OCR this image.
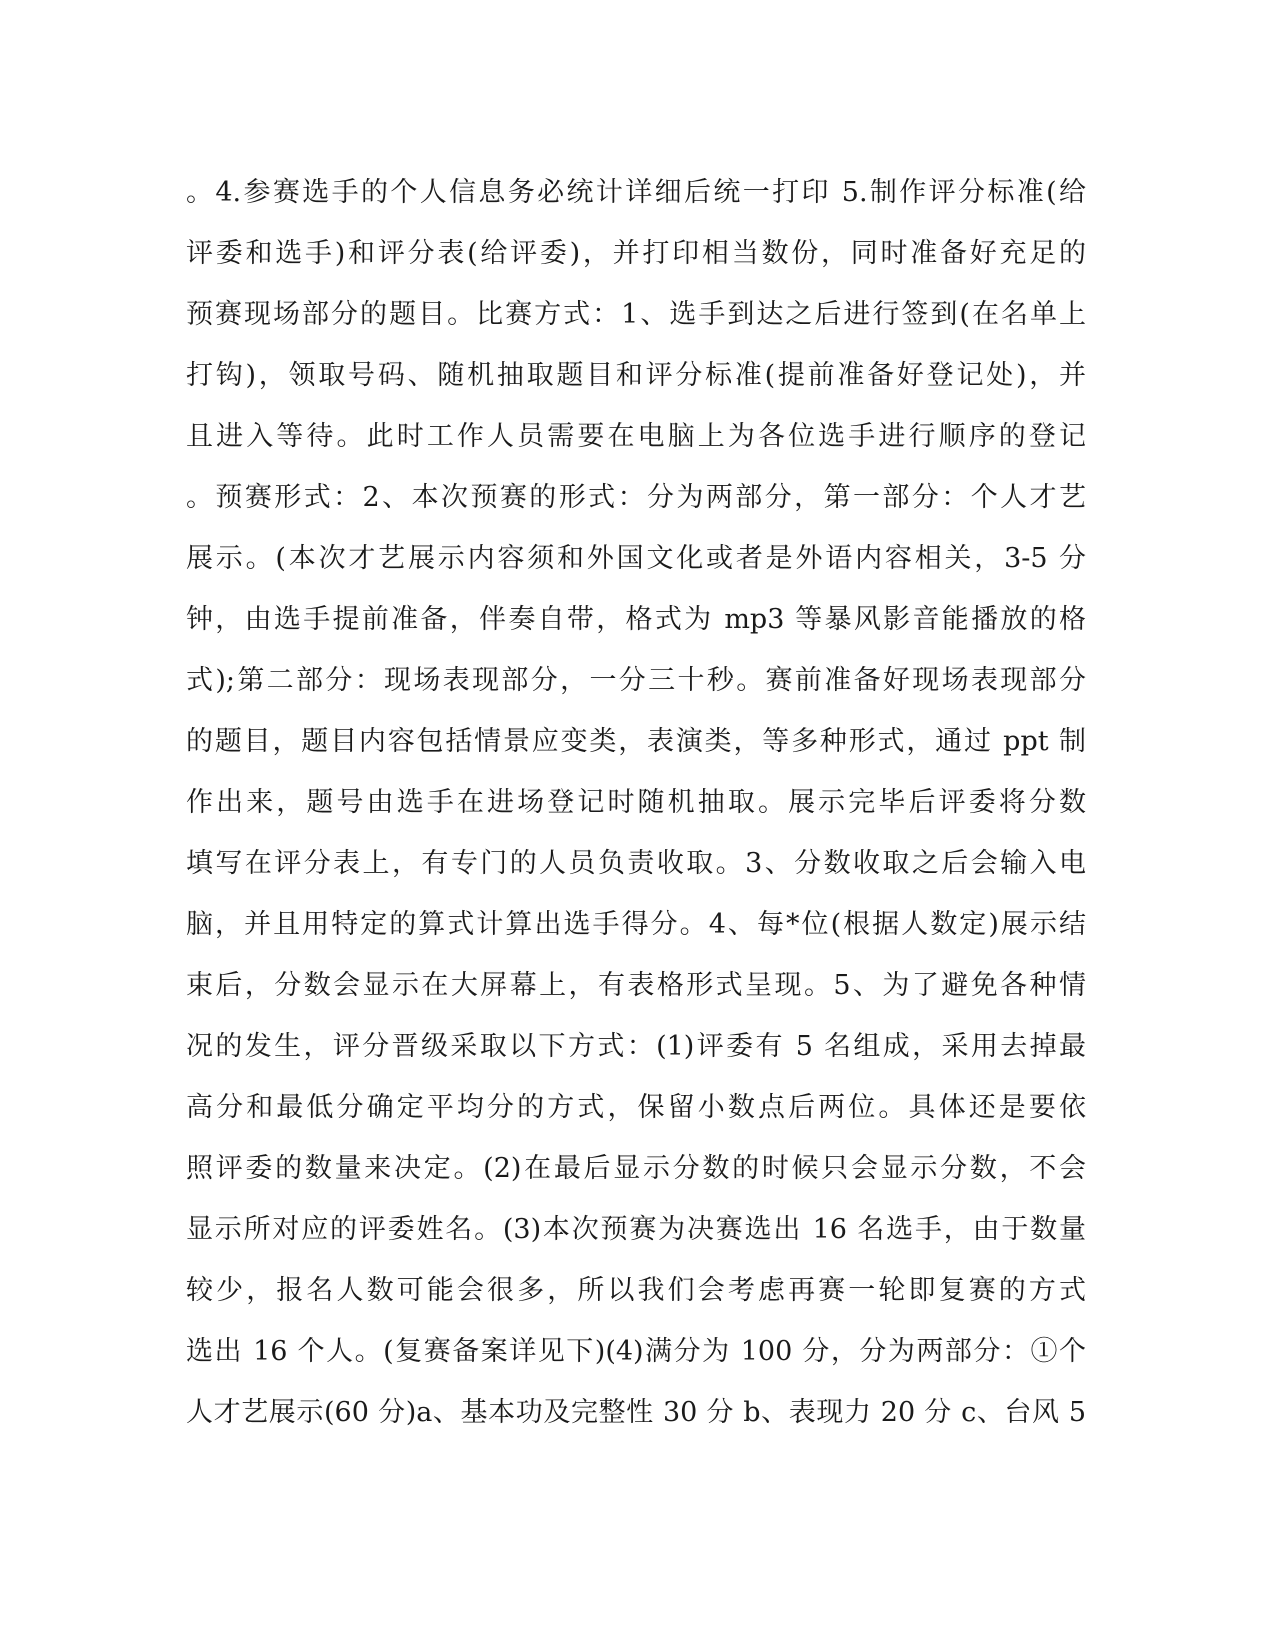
。4.参赛选手的个人信息务必统计详细后统一打印 5.制作评分标准(给
评委和选手)和评分表(给评委)，并打印相当数份，同时准备好充足的
预赛现场部分的题目。比赛方式：1、选手到达之后进行签到(在名单上
打钩)，领取号码、随机抽取题目和评分标准(提前准备好登记处)，并
且进入等待。此时工作人员需要在电脑上为各位选手进行顺序的登记
。预赛形式：2、本次预赛的形式：分为两部分，第一部分：个人才艺
展示。(本次才艺展示内容须和外国文化或者是外语内容相关，3-5 分
钟，由选手提前准备，伴奏自带，格式为 mp3 等暴风影音能播放的格
式);第二部分：现场表现部分，一分三十秒。赛前准备好现场表现部分
的题目，题目内容包括情景应变类，表演类，等多种形式，通过 ppt 制
作出来，题号由选手在进场登记时随机抽取。展示完毕后评委将分数
填写在评分表上，有专门的人员负责收取。3、分数收取之后会输入电
脑，并且用特定的算式计算出选手得分。4、每*位(根据人数定)展示结
束后，分数会显示在大屏幕上，有表格形式呈现。5、为了避免各种情
况的发生，评分晋级采取以下方式：(1)评委有 5 名组成，采用去掉最
高分和最低分确定平均分的方式，保留小数点后两位。具体还是要依
照评委的数量来决定。(2)在最后显示分数的时候只会显示分数，不会
显示所对应的评委姓名。(3)本次预赛为决赛选出 16 名选手，由于数量
较少，报名人数可能会很多，所以我们会考虑再赛一轮即复赛的方式
选出 16 个人。(复赛备案详见下)(4)满分为 100 分，分为两部分：①个
人才艺展示(60 分)a、基本功及完整性 30 分 b、表现力 20 分 c、台风 5
